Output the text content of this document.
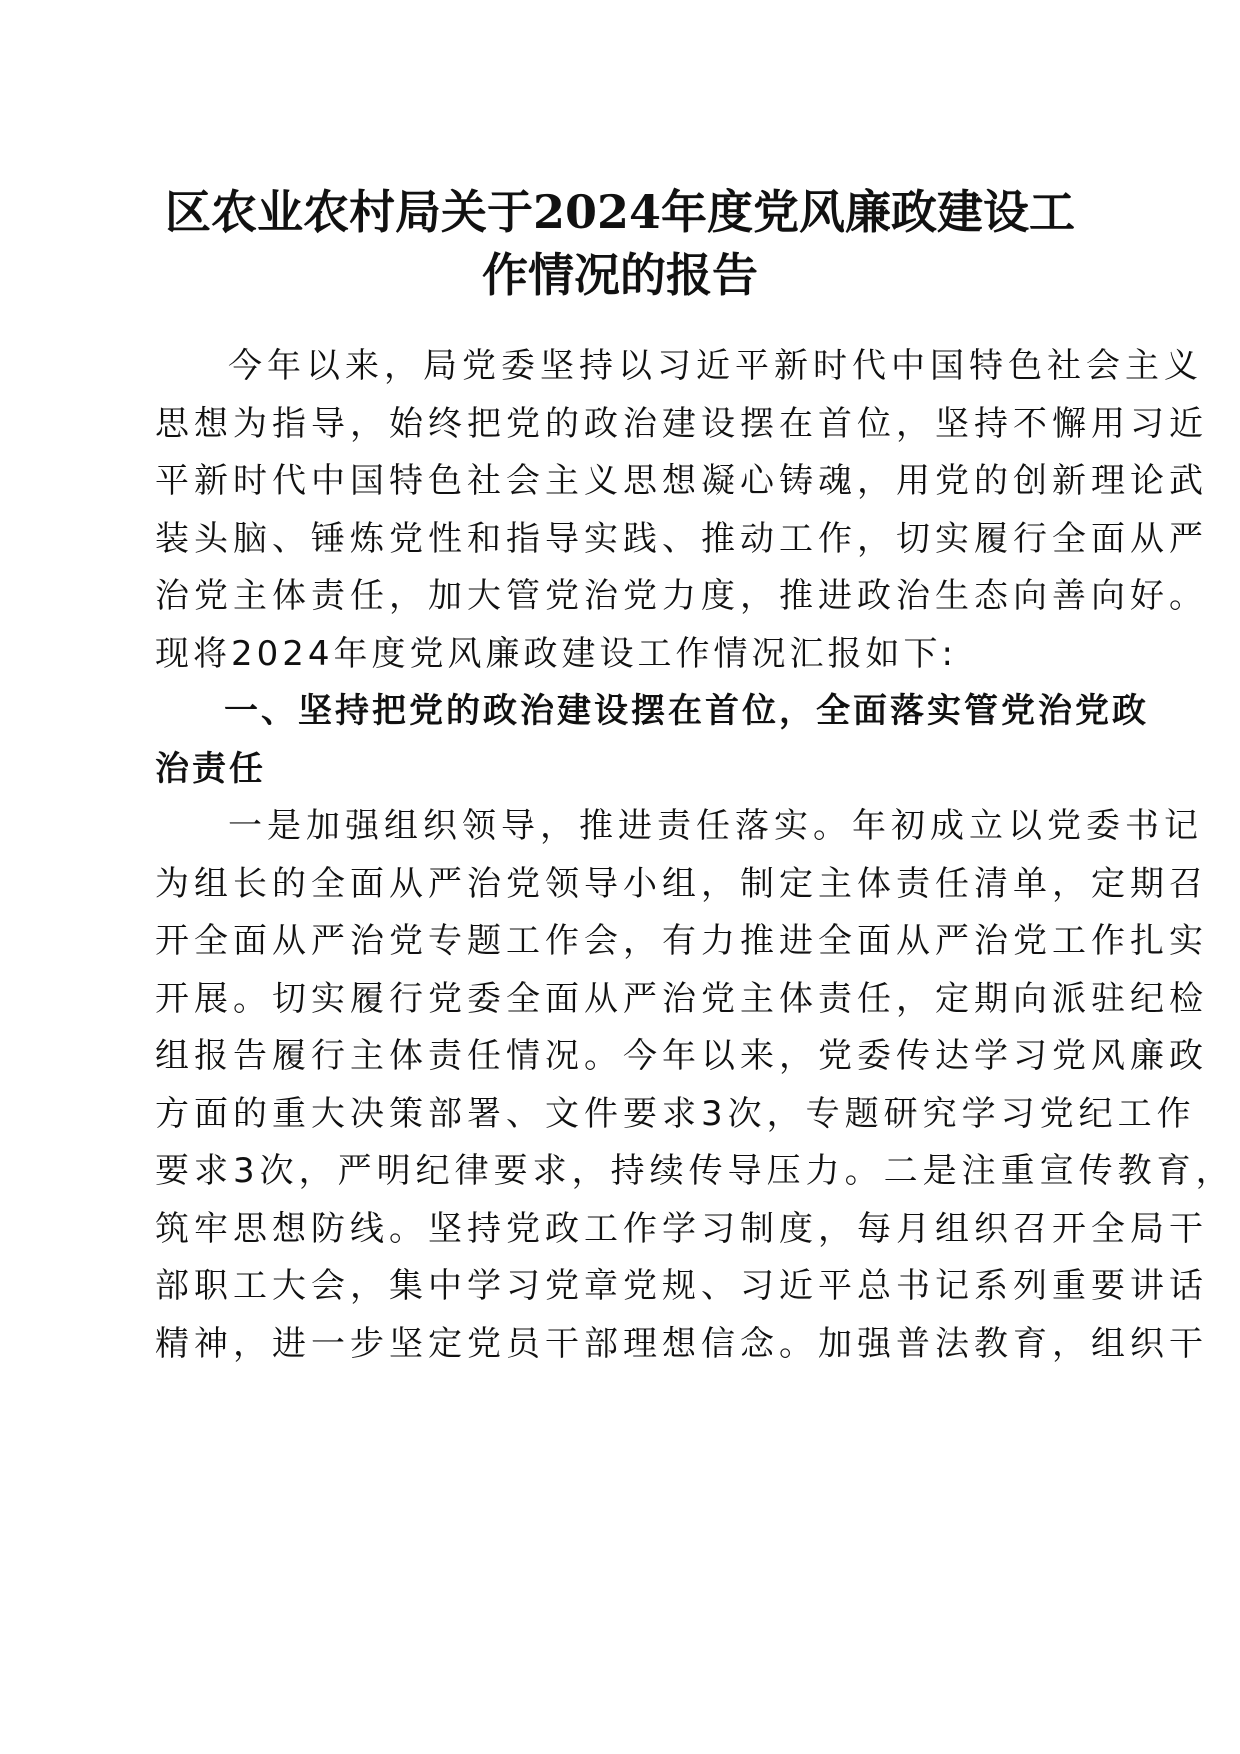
区农业农村局关于2024年度党风廉政建设工
作情况的报告

今年以来，局党委坚持以习近平新时代中国特色社会主义

思想为指导，始终把党的政治建设摆在首位，坚持不懈用习近

平新时代中国特色社会主义思想凝心铸魂，用党的创新理论武

装头脑、锤炼党性和指导实践、推动工作，切实履行全面从严

治党主体责任，加大管党治党力度，推进政治生态向善向好。

现将2024年度党风廉政建设工作情况汇报如下:

一、坚持把党的政治建设摆在首位，全面落实管党治党政
治责任

一是加强组织领导，推进责任落实。年初成立以党委书记

为组长的全面从严治党领导小组，制定主体责任清单，定期召

开全面从严治党专题工作会，有力推进全面从严治党工作扎实

开展。切实履行党委全面从严治党主体责任，定期向派驻纪检

组报告履行主体责任情况。今年以来，党委传达学习党风廉政

方面的重大决策部署、文件要求3次，专题研究学习党纪工作

要求3次，严明纪律要求，持续传导压力。二是注重宣传教育，

筑牢思想防线。坚持党政工作学习制度，每月组织召开全局干

部职工大会，集中学习党章党规、习近平总书记系列重要讲话

精神，进一步坚定党员干部理想信念。加强普法教育，组织干
